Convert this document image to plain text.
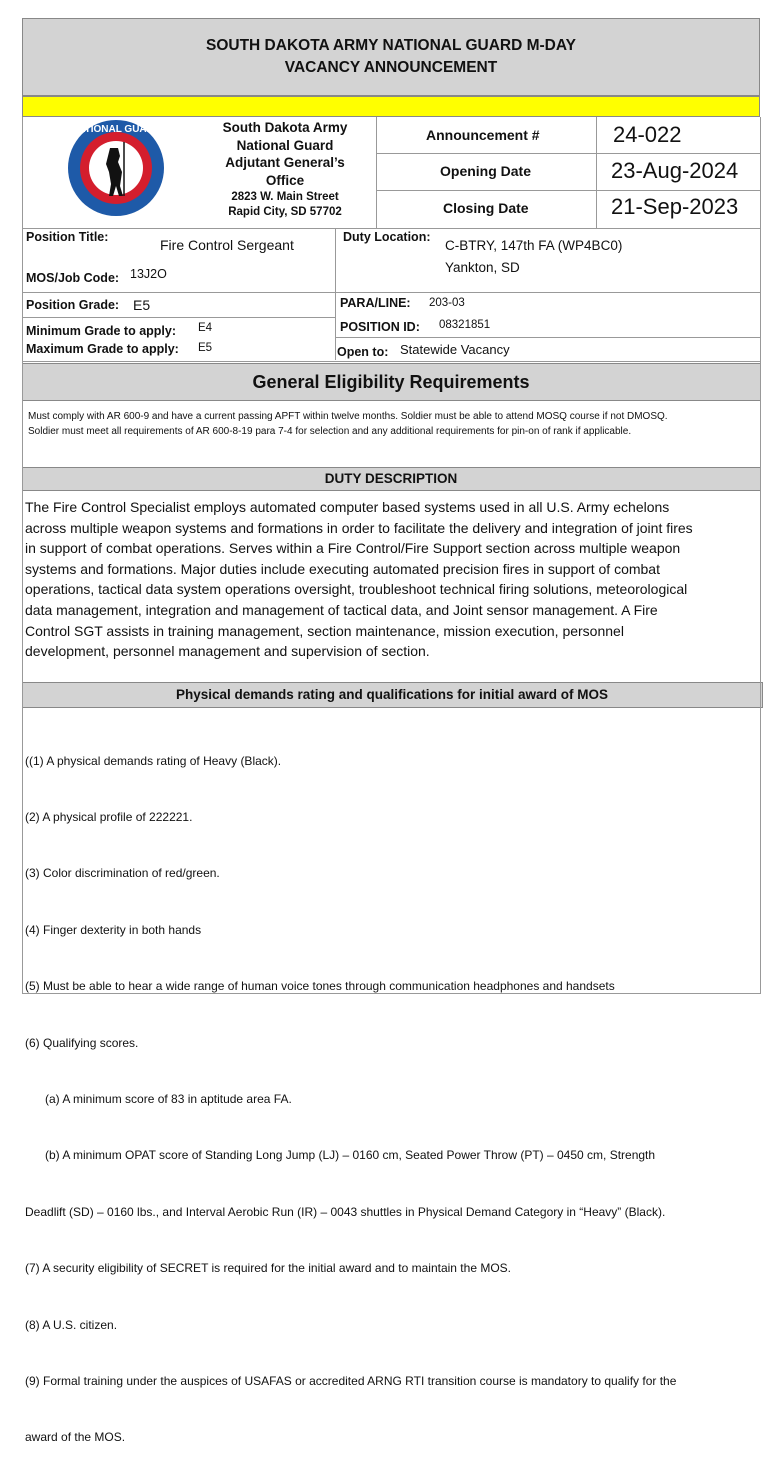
SOUTH DAKOTA ARMY NATIONAL GUARD M-DAY
VACANCY ANNOUNCEMENT
NATIONAL GUARD	South Dakota Army
National Guard
Adjutant General’s
Office
2823 W. Main Street
Rapid City, SD 57702
Announcement #	24-022
Opening Date	23-Aug-2024
Closing Date	21-Sep-2023
Position Title:	Fire Control Sergeant	Duty Location:
C-BTRY, 147th FA (WP4BC0)
Yankton, SD
MOS/Job Code: 13J2O
Position Grade: E5	PARA/LINE: 203-03
Minimum Grade to apply: E4
Maximum Grade to apply: E5
POSITION ID: 08321851
Open to: Statewide Vacancy
General Eligibility Requirements
Must comply with AR 600-9 and have a current passing APFT within twelve months. Soldier must be able to attend MOSQ course if not DMOSQ.
Soldier must meet all requirements of AR 600-8-19 para 7-4 for selection and any additional requirements for pin-on of rank if applicable.
DUTY DESCRIPTION
The Fire Control Specialist employs automated computer based systems used in all U.S. Army echelons
across multiple weapon systems and formations in order to facilitate the delivery and integration of joint fires
in support of combat operations. Serves within a Fire Control/Fire Support section across multiple weapon
systems and formations. Major duties include executing automated precision fires in support of combat
operations, tactical data system operations oversight, troubleshoot technical firing solutions, meteorological
data management, integration and management of tactical data, and Joint sensor management. A Fire
Control SGT assists in training management, section maintenance, mission execution, personnel
development, personnel management and supervision of section.
Physical demands rating and qualifications for initial award of MOS

((1) A physical demands rating of Heavy (Black).

(2) A physical profile of 222221.

(3) Color discrimination of red/green.

(4) Finger dexterity in both hands

(5) Must be able to hear a wide range of human voice tones through communication headphones and handsets

(6) Qualifying scores.

(a) A minimum score of 83 in aptitude area FA.

(b) A minimum OPAT score of Standing Long Jump (LJ) – 0160 cm, Seated Power Throw (PT) – 0450 cm, Strength

Deadlift (SD) – 0160 lbs., and Interval Aerobic Run (IR) – 0043 shuttles in Physical Demand Category in “Heavy” (Black).

(7) A security eligibility of SECRET is required for the initial award and to maintain the MOS.

(8) A U.S. citizen.

(9) Formal training under the auspices of USAFAS or accredited ARNG RTI transition course is mandatory to qualify for the

award of the MOS.
